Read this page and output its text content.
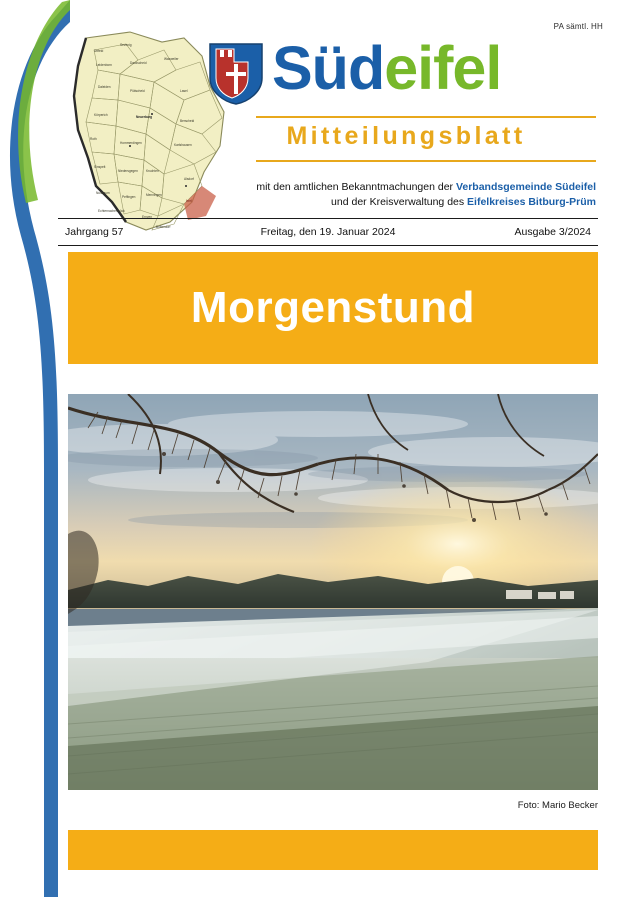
PA sämtl. HH
Üttfeld
Sevenig
Leidenborn	Dackscheid
Waxweiler
Daleiden
Plütscheid	Lasel
Neuerburg
Körperich
Berscheid
Roth
Hommerdingen	Karlshausen
Sinspelt
Niedersgegen	Kruchten
Alsdorf
Nusbaum
Peffingen	Menningen
Irrel
Echternacherbrück
Ernzen
Bollendorf
Südeifel
Mitteilungsblatt
mit den amtlichen Bekanntmachungen der Verbandsgemeinde Südeifel
und der Kreisverwaltung des Eifelkreises Bitburg-Prüm
Jahrgang 57	Freitag, den 19. Januar 2024	Ausgabe 3/2024
Morgenstund
Foto: Mario Becker
